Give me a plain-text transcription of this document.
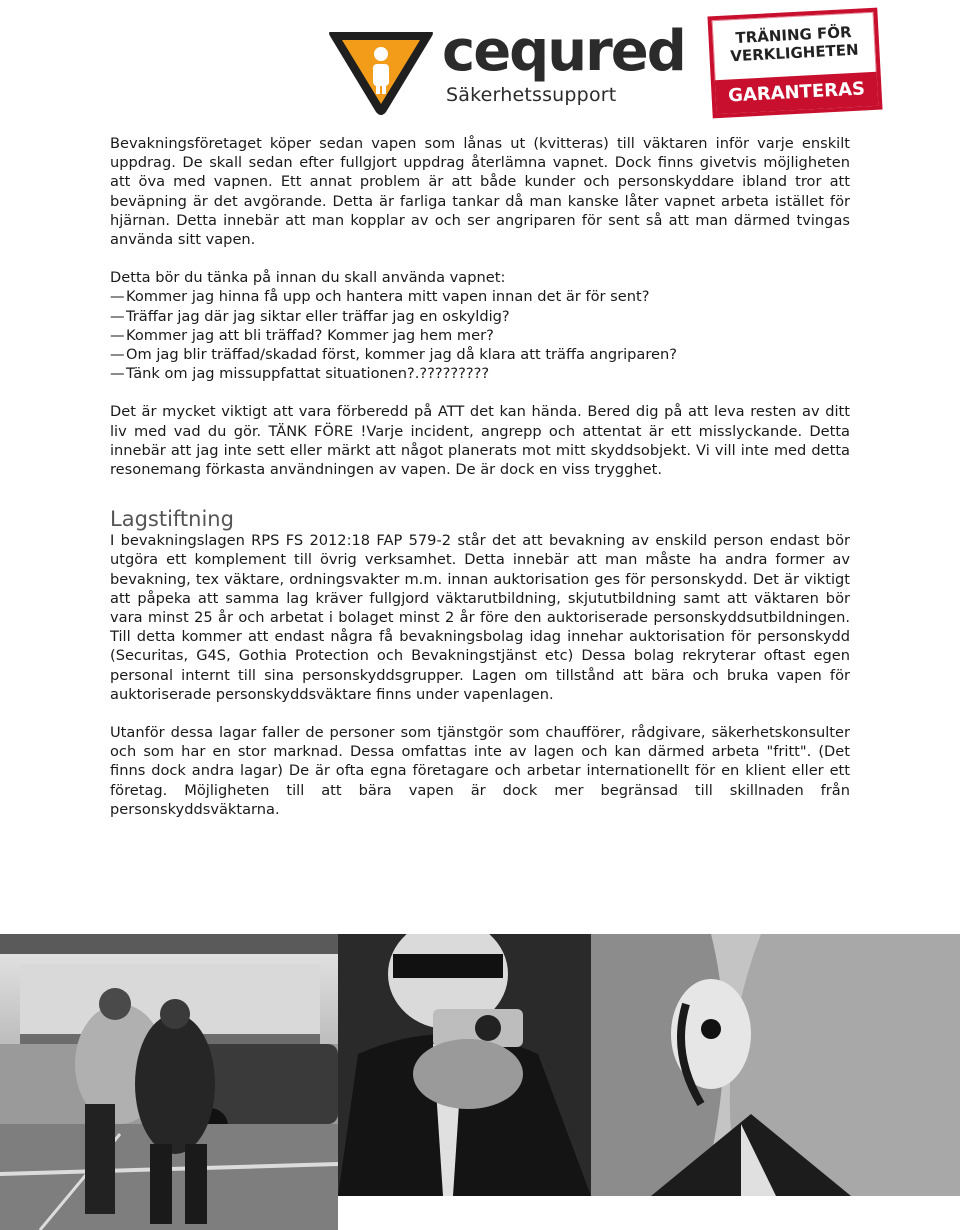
cequred
Säkerhetssupport
TRÄNING FÖR
VERKLIGHETEN
GARANTERAS

Bevakningsföretaget köper sedan vapen som lånas ut (kvitteras) till väktaren inför varje enskilt uppdrag. De skall sedan efter fullgjort uppdrag återlämna vapnet. Dock finns givetvis möjligheten att öva med vapnen. Ett annat problem är att både kunder och personskyddare ibland tror att beväpning är det avgörande. Detta är farliga tankar då man kanske låter vapnet arbeta istället för hjärnan. Detta innebär att man kopplar av och ser angriparen för sent så att man därmed tvingas använda sitt vapen.

Detta bör du tänka på innan du skall använda vapnet:

— Kommer jag hinna få upp och hantera mitt vapen innan det är för sent?
— Träffar jag där jag siktar eller träffar jag en oskyldig?
— Kommer jag att bli träffad? Kommer jag hem mer?
— Om jag blir träffad/skadad först, kommer jag då klara att träffa angriparen?
— Tänk om jag missuppfattat situationen?.?????????

Det är mycket viktigt att vara förberedd på ATT det kan hända. Bered dig på att leva resten av ditt liv med vad du gör. TÄNK FÖRE !Varje incident, angrepp och attentat är ett misslyckande. Detta innebär att jag inte sett eller märkt att något planerats mot mitt skyddsobjekt. Vi vill inte med detta resonemang förkasta användningen av vapen. De är dock en viss trygghet.

Lagstiftning

I bevakningslagen RPS FS 2012:18 FAP 579-2 står det att bevakning av enskild person endast bör utgöra ett komplement till övrig verksamhet. Detta innebär att man måste ha andra former av bevakning, tex väktare, ordningsvakter m.m. innan auktorisation ges för personskydd. Det är viktigt att påpeka att samma lag kräver fullgjord väktarutbildning, skjututbildning samt att väktaren bör vara minst 25 år och arbetat i bolaget minst 2 år före den auktoriserade personskyddsutbildningen. Till detta kommer att endast några få bevakningsbolag idag innehar auktorisation för personskydd (Securitas, G4S, Gothia Protection och Bevakningstjänst etc) Dessa bolag rekryterar oftast egen personal internt till sina personskyddsgrupper. Lagen om tillstånd att bära och bruka vapen för auktoriserade personskyddsväktare finns under vapenlagen.

Utanför dessa lagar faller de personer som tjänstgör som chaufförer, rådgivare, säkerhetskonsulter och som har en stor marknad. Dessa omfattas inte av lagen och kan därmed arbeta "fritt". (Det finns dock andra lagar) De är ofta egna företagare och arbetar internationellt för en klient eller ett företag. Möjligheten till att bära vapen är dock mer begränsad till skillnaden från personskyddsväktarna.
